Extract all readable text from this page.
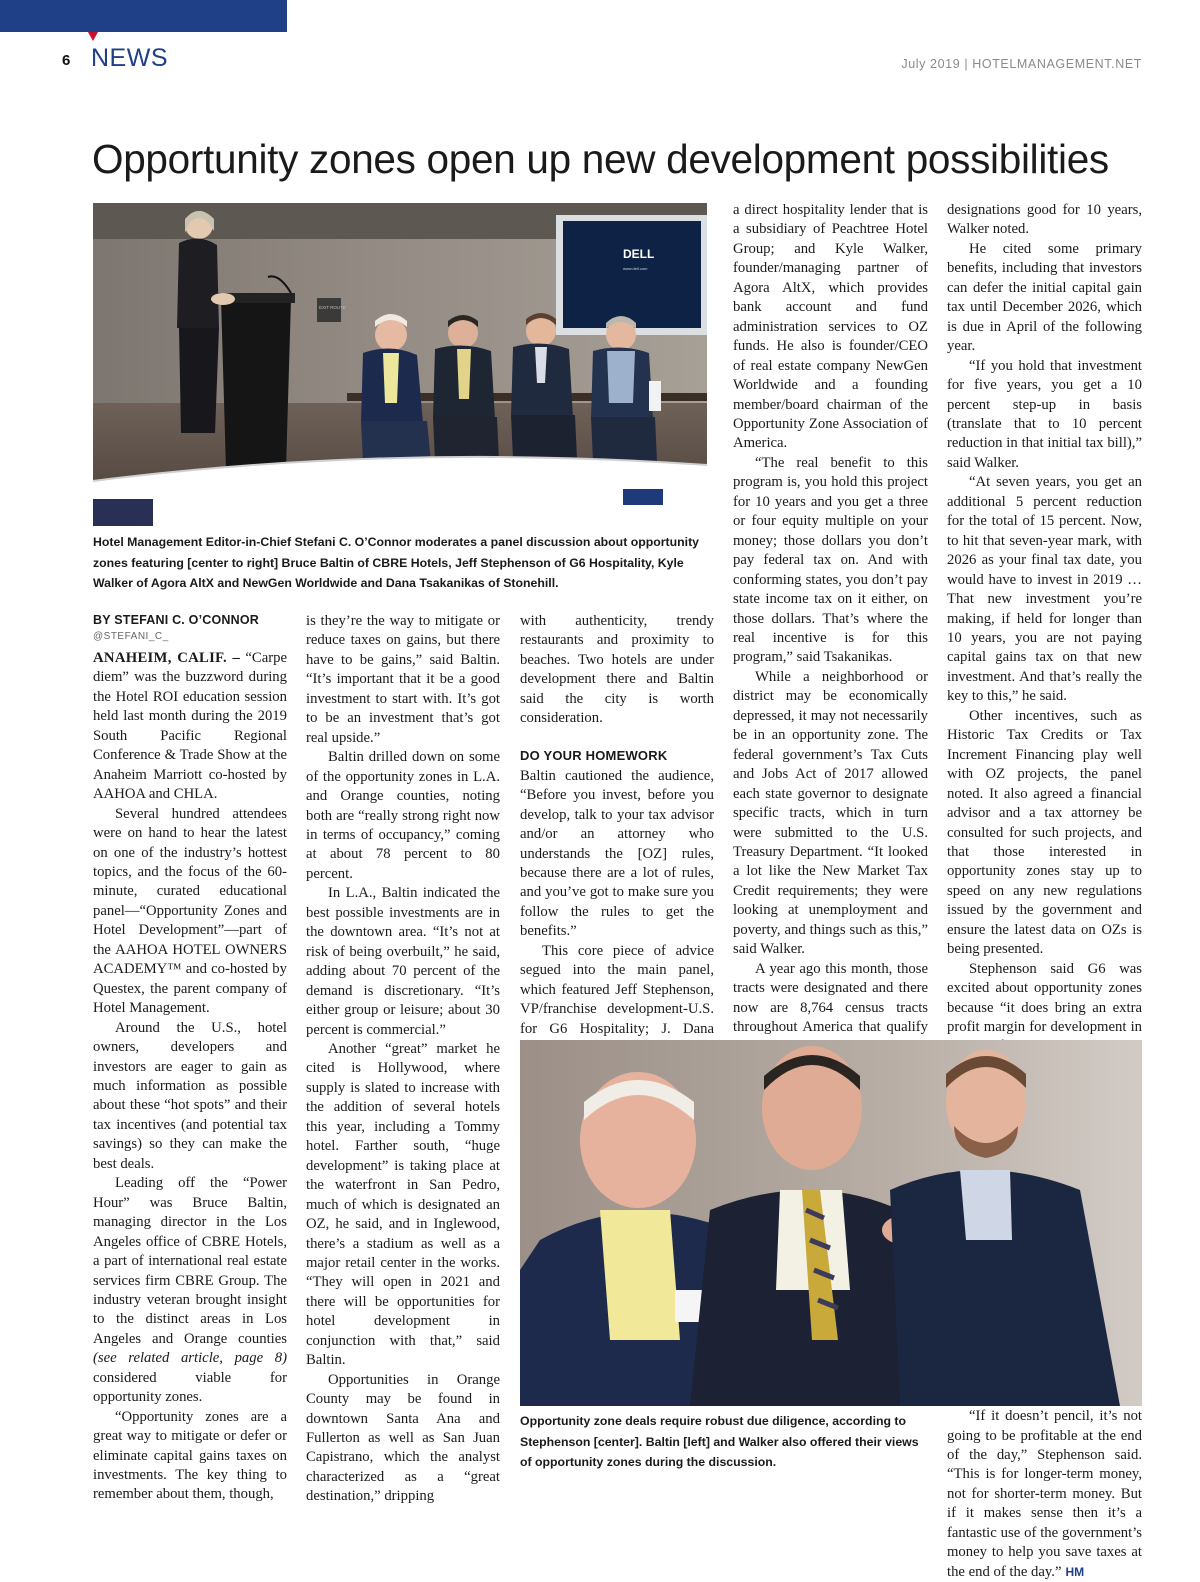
6 NEWS	July 2019 | HOTELMANAGEMENT.NET
Opportunity zones open up new development possibilities
DELL
www.dell.com
EXIT ROUTE

Hotel Management Editor-in-Chief Stefani C. O’Connor moderates a panel discussion about opportunity zones featuring [center to right] Bruce Baltin of CBRE Hotels, Jeff Stephenson of G6 Hospitality, Kyle Walker of Agora AltX and NewGen Worldwide and Dana Tsakanikas of Stonehill.

BY STEFANI C. O’CONNOR
@STEFANI_C_

ANAHEIM, CALIF. – “Carpe diem” was the buzzword during the Hotel ROI education session held last month during the 2019 South Pacific Regional Conference & Trade Show at the Anaheim Marriott co-hosted by AAHOA and CHLA.

Several hundred attendees were on hand to hear the latest on one of the industry’s hottest topics, and the focus of the 60-minute, curated educational panel—“Opportunity Zones and Hotel Development”—part of the AAHOA HOTEL OWNERS ACADEMY™ and co-hosted by Questex, the parent company of Hotel Management.

Around the U.S., hotel owners, developers and investors are eager to gain as much information as possible about these “hot spots” and their tax incentives (and potential tax savings) so they can make the best deals.

Leading off the “Power Hour” was Bruce Baltin, managing director in the Los Angeles office of CBRE Hotels, a part of international real estate services firm CBRE Group. The industry veteran brought insight to the distinct areas in Los Angeles and Orange counties (see related article, page 8) considered viable for opportunity zones.

“Opportunity zones are a great way to mitigate or defer or eliminate capital gains taxes on investments. The key thing to remember about them, though,

is they’re the way to mitigate or reduce taxes on gains, but there have to be gains,” said Baltin. “It’s important that it be a good investment to start with. It’s got to be an investment that’s got real upside.”

Baltin drilled down on some of the opportunity zones in L.A. and Orange counties, noting both are “really strong right now in terms of occupancy,” coming at about 78 percent to 80 percent.

In L.A., Baltin indicated the best possible investments are in the downtown area. “It’s not at risk of being overbuilt,” he said, adding about 70 percent of the demand is discretionary. “It’s either group or leisure; about 30 percent is commercial.”

Another “great” market he cited is Hollywood, where supply is slated to increase with the addition of several hotels this year, including a Tommy hotel. Farther south, “huge development” is taking place at the waterfront in San Pedro, much of which is designated an OZ, he said, and in Inglewood, there’s a stadium as well as a major retail center in the works. “They will open in 2021 and there will be opportunities for hotel development in conjunction with that,” said Baltin.

Opportunities in Orange County may be found in downtown Santa Ana and Fullerton as well as San Juan Capistrano, which the analyst characterized as a “great destination,” dripping

with authenticity, trendy restaurants and proximity to beaches. Two hotels are under development there and Baltin said the city is worth consideration.

DO YOUR HOMEWORK

Baltin cautioned the audience, “Before you invest, before you develop, talk to your tax advisor and/or an attorney who understands the [OZ] rules, because there are a lot of rules, and you’ve got to make sure you follow the rules to get the benefits.”

This core piece of advice segued into the main panel, which featured Jeff Stephenson, VP/franchise development-U.S. for G6 Hospitality; J. Dana

a direct hospitality lender that is a subsidiary of Peachtree Hotel Group; and Kyle Walker, founder/managing partner of Agora AltX, which provides bank account and fund administration services to OZ funds. He also is founder/CEO of real estate company NewGen Worldwide and a founding member/board chairman of the Opportunity Zone Association of America.

“The real benefit to this program is, you hold this project for 10 years and you get a three or four equity multiple on your money; those dollars you don’t pay federal tax on. And with conforming states, you don’t pay state income tax on it either, on those dollars. That’s where the real incentive is for this program,” said Tsakanikas.

While a neighborhood or district may be economically depressed, it may not necessarily be in an opportunity zone. The federal government’s Tax Cuts and Jobs Act of 2017 allowed each state governor to designate specific tracts, which in turn were submitted to the U.S. Treasury Department. “It looked a lot like the New Market Tax Credit requirements; they were looking at unemployment and poverty, and things such as this,” said Walker.

A year ago this month, those tracts were designated and there now are 8,764 census tracts throughout America that qualify

designations good for 10 years, Walker noted.

He cited some primary benefits, including that investors can defer the initial capital gain tax until December 2026, which is due in April of the following year.

“If you hold that investment for five years, you get a 10 percent step-up in basis (translate that to 10 percent reduction in that initial tax bill),” said Walker.

“At seven years, you get an additional 5 percent reduction for the total of 15 percent. Now, to hit that seven-year mark, with 2026 as your final tax date, you would have to invest in 2019 … That new investment you’re making, if held for longer than 10 years, you are not paying capital gains tax on that new investment. And that’s really the key to this,” he said.

Other incentives, such as Historic Tax Credits or Tax Increment Financing play well with OZ projects, the panel noted. It also agreed a financial advisor and a tax attorney be consulted for such projects, and that those interested in opportunity zones stay up to speed on any new regulations issued by the government and ensure the latest data on OZs is being presented.

Stephenson said G6 was excited about opportunity zones because “it does bring an extra profit margin for development in

“If it doesn’t pencil, it’s not going to be profitable at the end of the day,” Stephenson said. “This is for longer-term money, not for shorter-term money. But if it makes sense then it’s a fantastic use of the government’s money to help you save taxes at the end of the day.” HM

Opportunity zone deals require robust due diligence, according to Stephenson [center]. Baltin [left] and Walker also offered their views of opportunity zones during the discussion.
